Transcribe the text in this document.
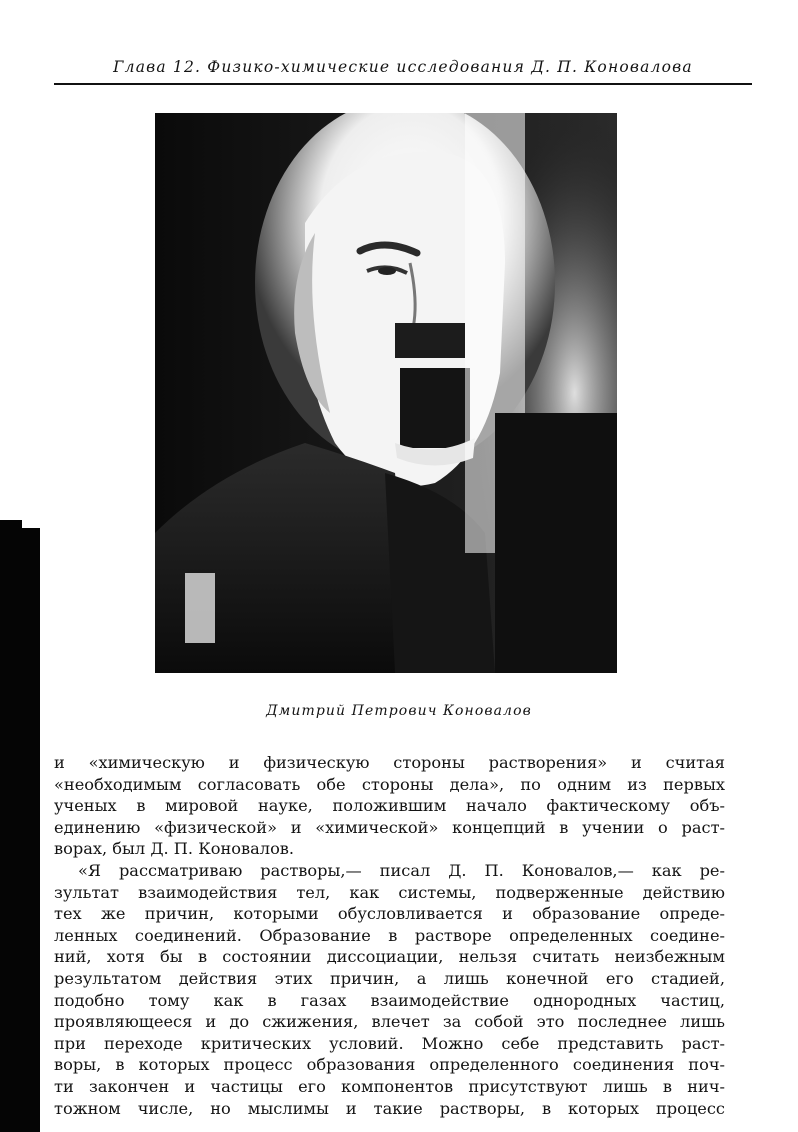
Глава 12. Физико-химические исследования Д. П. Коновалова
Дмитрий Петрович Коновалов

и «химическую и физическую стороны растворения» и считая

«необходимым согласовать обе стороны дела», по одним из первых

ученых в мировой науке, положившим начало фактическому объ-

единению «физической» и «химической» концепций в учении о раст-

ворах, был Д. П. Коновалов.

«Я рассматриваю растворы,— писал Д. П. Коновалов,— как ре-

зультат взаимодействия тел, как системы, подверженные действию

тех же причин, которыми обусловливается и образование опреде-

ленных соединений. Образование в растворе определенных соедине-

ний, хотя бы в состоянии диссоциации, нельзя считать неизбежным

результатом действия этих причин, а лишь конечной его стадией,

подобно тому как в газах взаимодействие однородных частиц,

проявляющееся и до сжижения, влечет за собой это последнее лишь

при переходе критических условий. Можно себе представить раст-

воры, в которых процесс образования определенного соединения поч-

ти закончен и частицы его компонентов присутствуют лишь в нич-

тожном числе, но мыслимы и такие растворы, в которых процесс
